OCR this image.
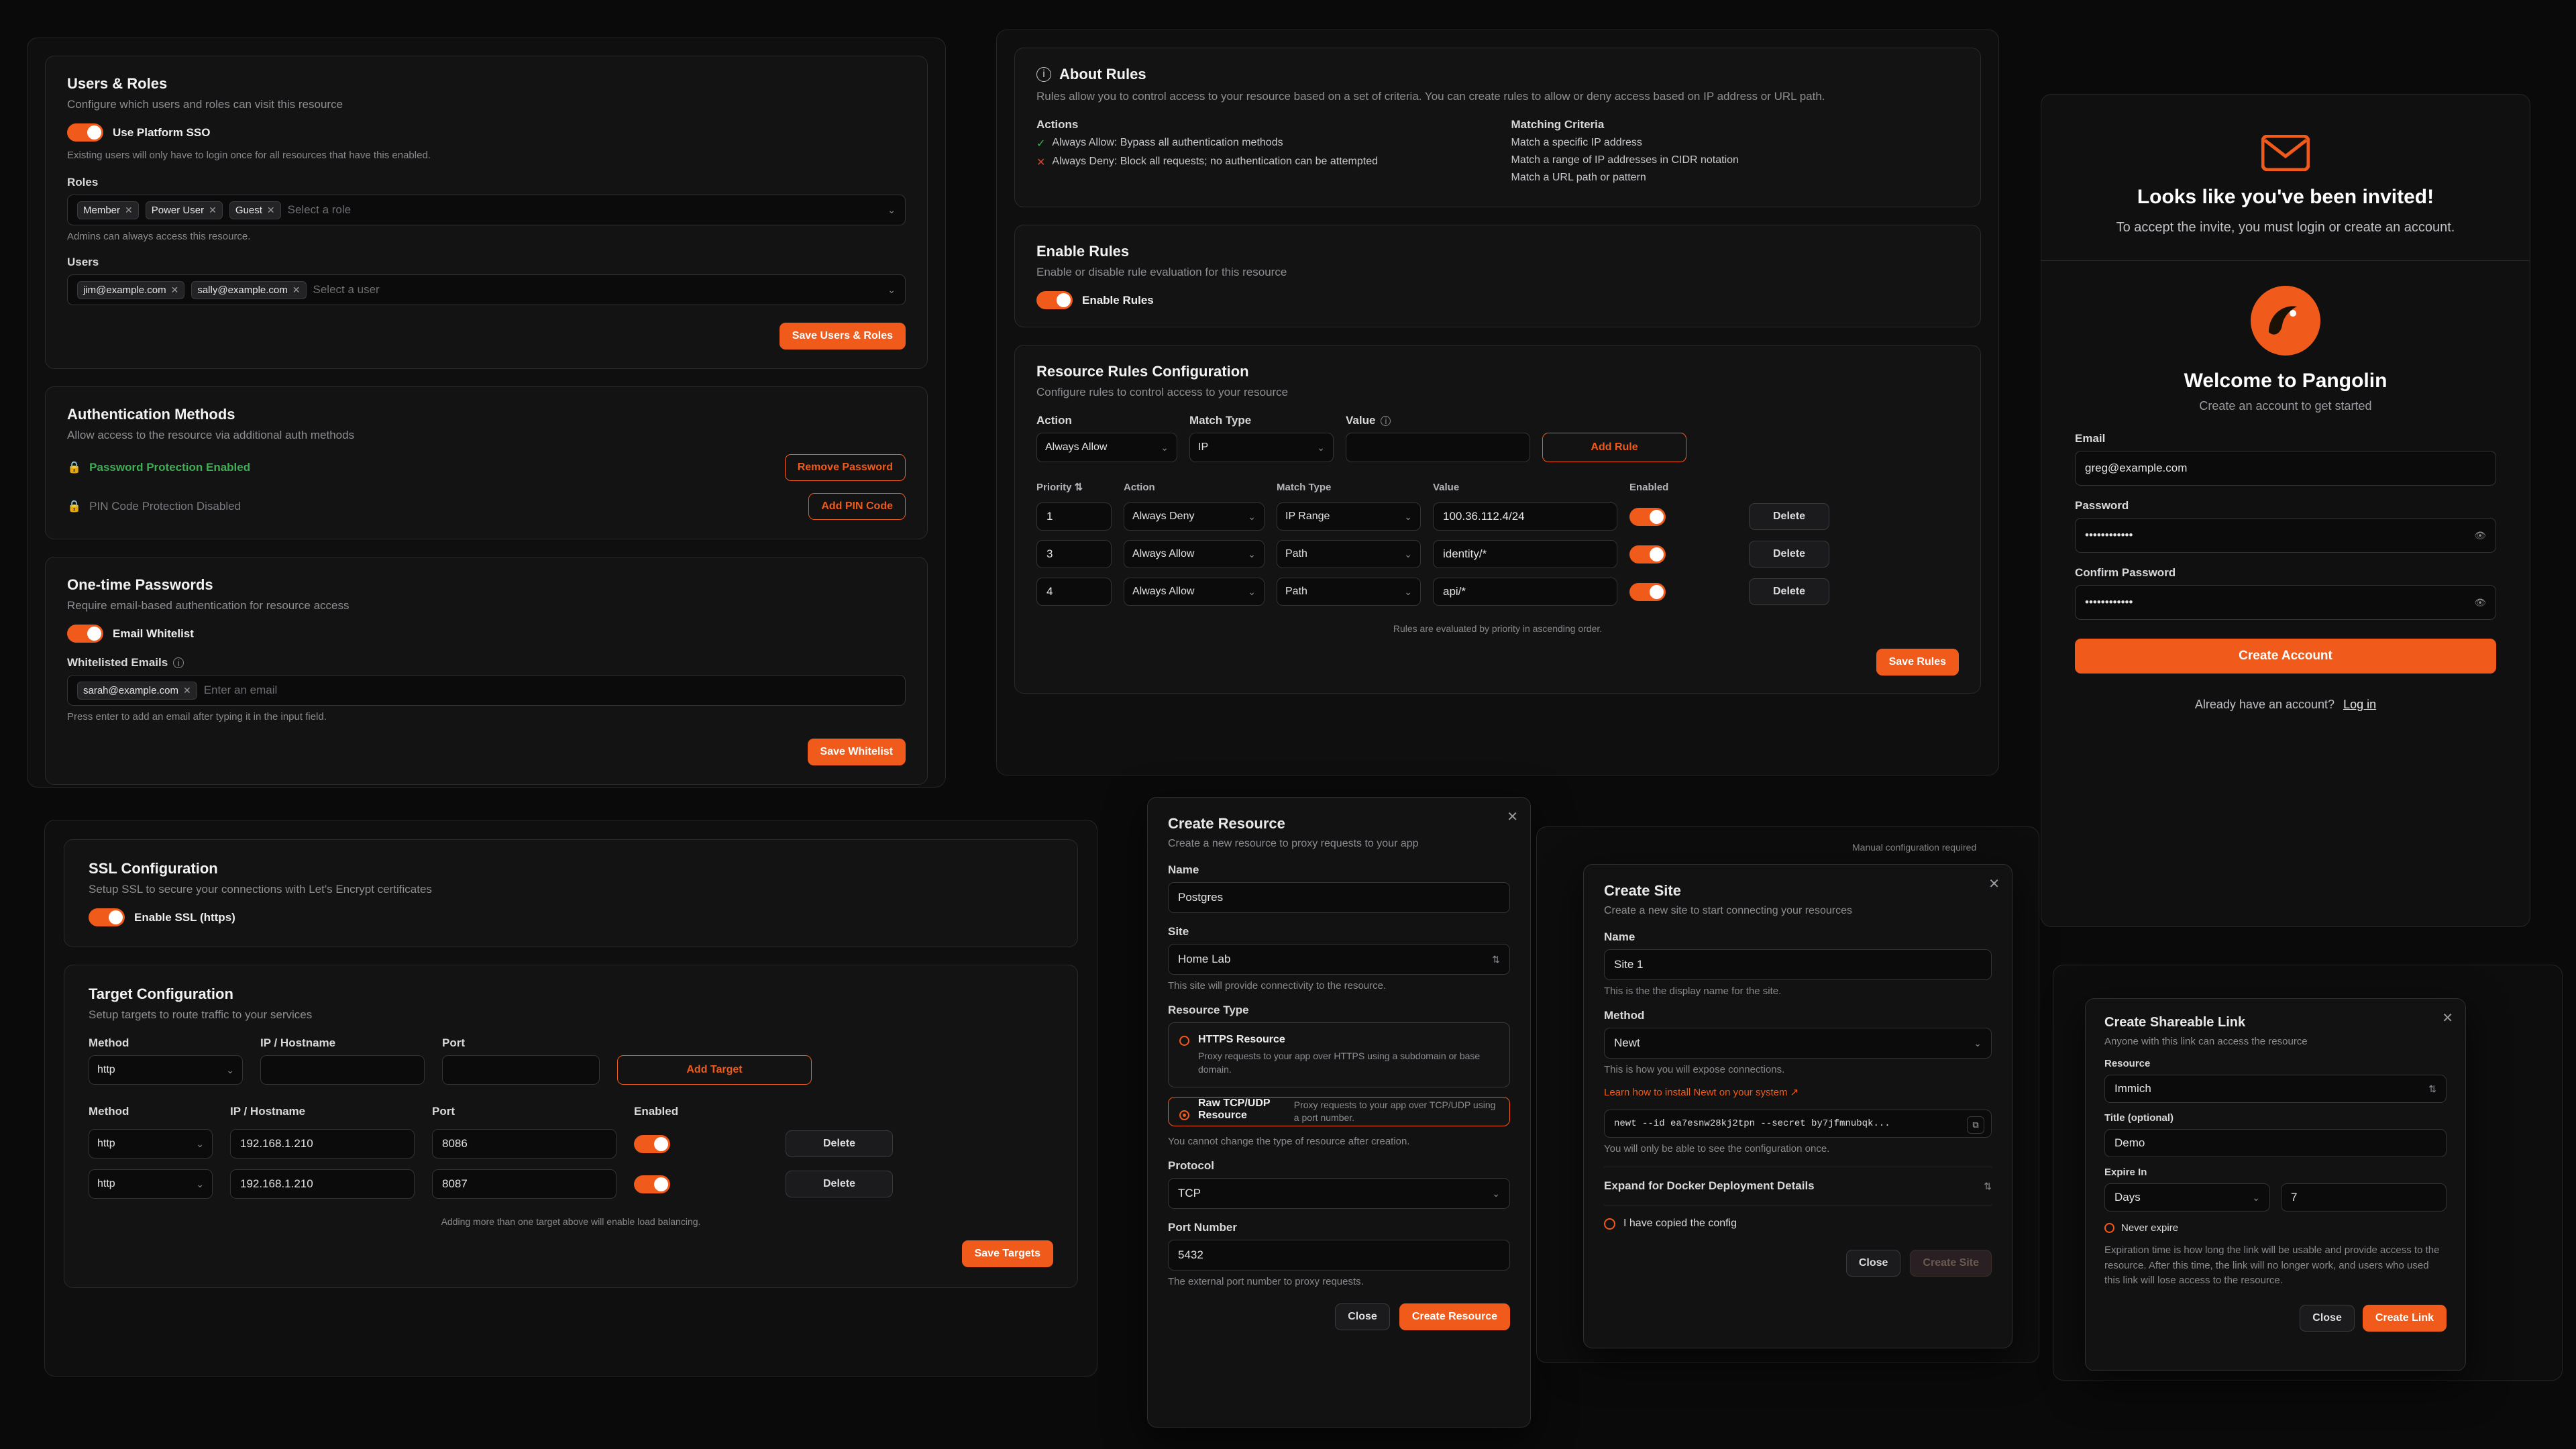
Users & Roles
Configure which users and roles can visit this resource
Use Platform SSO
Existing users will only have to login once for all resources that have this enabled.
Roles
Member ✕ Power User ✕ Guest ✕ Select a role	⌄
Admins can always access this resource.
Users
jim@example.com ✕ sally@example.com ✕ Select a user	⌄
Save Users & Roles
Authentication Methods
Allow access to the resource via additional auth methods
🔒 Password Protection Enabled	Remove Password
🔒 PIN Code Protection Disabled	Add PIN Code
One-time Passwords
Require email-based authentication for resource access
Email Whitelist
Whitelisted Emails	i
sarah@example.com ✕ Enter an email
Press enter to add an email after typing it in the input field.
Save Whitelist
i About Rules
Rules allow you to control access to your resource based on a set of criteria. You can create rules to allow or deny access based on IP address or URL path.
Actions
✓ Always Allow: Bypass all authentication methods
✕ Always Deny: Block all requests; no authentication can be attempted
Matching Criteria
Match a specific IP address
Match a range of IP addresses in CIDR notation
Match a URL path or pattern
Enable Rules
Enable or disable rule evaluation for this resource
Enable Rules
Resource Rules Configuration
Configure rules to control access to your resource
Action	Match Type	Value	i
Always Allow	⌄	IP	⌄	Add Rule
Priority ⇅	Action	Match Type	Value	Enabled
1	Always Deny	⌄	IP Range	⌄	100.36.112.4/24	Delete
3	Always Allow	⌄	Path	⌄	identity/*	Delete
4	Always Allow	⌄	Path	⌄	api/*	Delete
Rules are evaluated by priority in ascending order.
Save Rules
SSL Configuration
Setup SSL to secure your connections with Let's Encrypt certificates
Enable SSL (https)
Target Configuration
Setup targets to route traffic to your services
Method	IP / Hostname	Port
http	⌄	Add Target
Method	IP / Hostname	Port	Enabled
http	⌄	192.168.1.210	8086	Delete
http	⌄	192.168.1.210	8087	Delete
Adding more than one target above will enable load balancing.
Save Targets
✕
Create Resource
Create a new resource to proxy requests to your app
Name
Postgres
Site
Home Lab	⇅
This site will provide connectivity to the resource.
Resource Type
HTTPS Resource
Proxy requests to your app over HTTPS using a subdomain or base domain.
Raw TCP/UDP Resource
Proxy requests to your app over TCP/UDP using a port number.
You cannot change the type of resource after creation.
Protocol
TCP	⌄
Port Number
5432
The external port number to proxy requests.
Close	Create Resource
Manual configuration required
✕
Create Site
Create a new site to start connecting your resources
Name
Site 1
This is the the display name for the site.
Method
Newt	⌄
This is how you will expose connections.
Learn how to install Newt on your system ↗
newt --id ea7esnw28kj2tpn --secret by7jfmnubqk...	⧉
You will only be able to see the configuration once.
Expand for Docker Deployment Details	⇅
I have copied the config
Close	Create Site
Looks like you've been invited!
To accept the invite, you must login or create an account.
Welcome to Pangolin
Create an account to get started
Email
greg@example.com
Password
••••••••••••	👁
Confirm Password
••••••••••••	👁
Create Account
Already have an account? Log in
✕
Create Shareable Link
Anyone with this link can access the resource
Resource
Immich	⇅
Title (optional)
Demo
Expire In
Days	⌄	7
Never expire
Expiration time is how long the link will be usable and provide access to the resource. After this time, the link will no longer work, and users who used this link will lose access to the resource.
Close	Create Link
